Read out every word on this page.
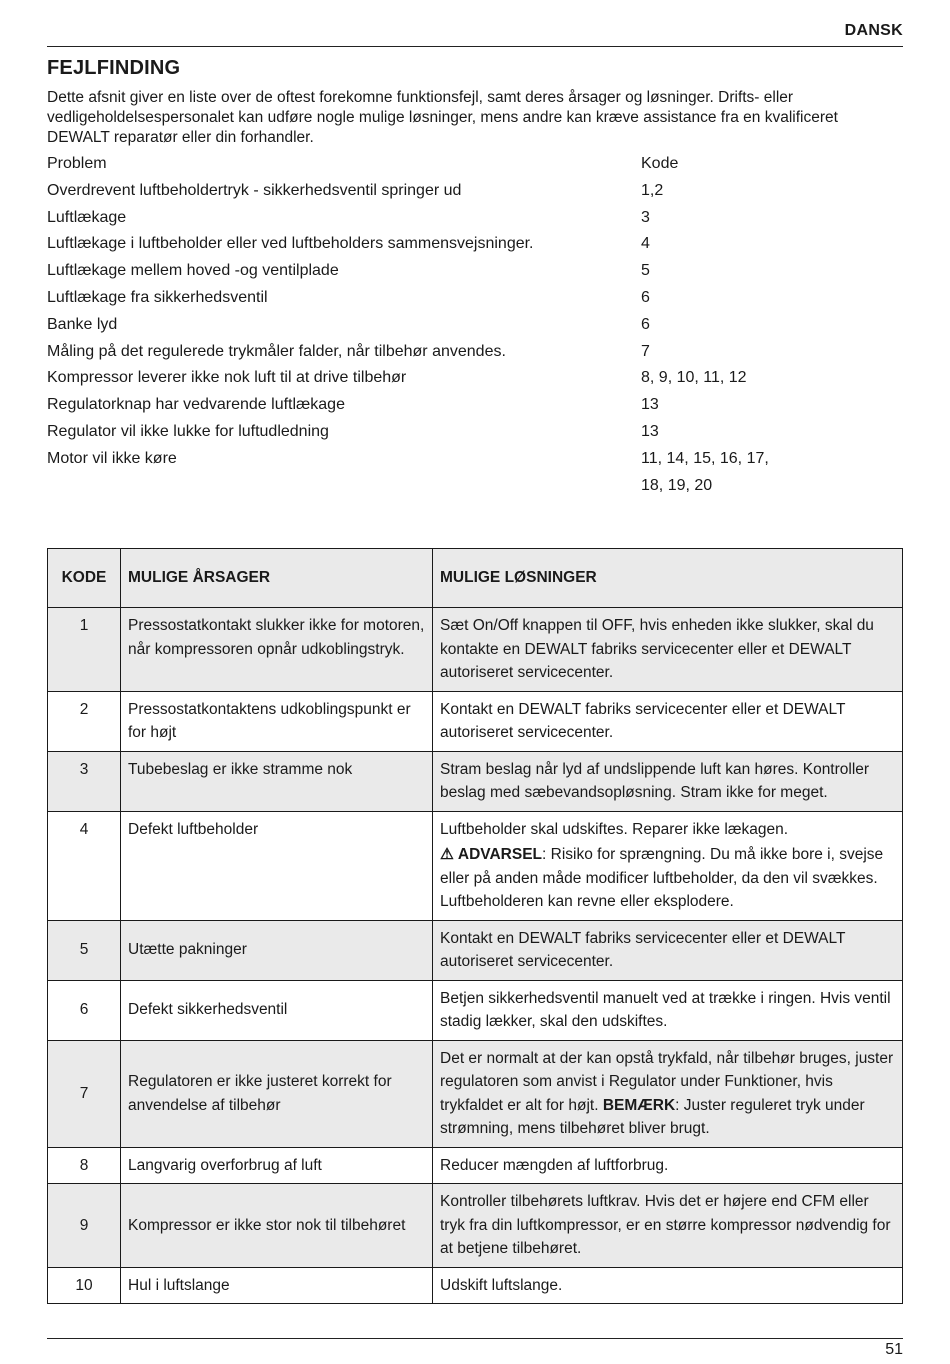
DANSK
FEJLFINDING

Dette afsnit giver en liste over de oftest forekomne funktionsfejl, samt deres årsager og løsninger. Drifts- eller vedligeholdelsespersonalet kan udføre nogle mulige løsninger, mens andre kan kræve assistance fra en kvalificeret DEWALT reparatør eller din forhandler.

Problem	Kode
Overdrevent luftbeholdertryk - sikkerhedsventil springer ud	1,2
Luftlækage	3
Luftlækage i luftbeholder eller ved luftbeholders sammensvejsninger.	4
Luftlækage mellem hoved -og ventilplade	5
Luftlækage fra sikkerhedsventil	6
Banke lyd	6
Måling på det regulerede trykmåler falder, når tilbehør anvendes.	7
Kompressor leverer ikke nok luft til at drive tilbehør	8, 9, 10, 11, 12
Regulatorknap har vedvarende luftlækage	13
Regulator vil ikke lukke for luftudledning	13
Motor vil ikke køre	11, 14, 15, 16, 17,
18, 19, 20
KODE	MULIGE ÅRSAGER	MULIGE LØSNINGER
1	Pressostatkontakt slukker ikke for motoren, når kompressoren opnår udkoblingstryk.	Sæt On/Off knappen til OFF, hvis enheden ikke slukker, skal du kontakte en DEWALT fabriks servicecenter eller et DEWALT autoriseret servicecenter.

2	Pressostatkontaktens udkoblingspunkt er for højt	Kontakt en DEWALT fabriks servicecenter eller et DEWALT autoriseret servicecenter.

3	Tubebeslag er ikke stramme nok	Stram beslag når lyd af undslippende luft kan høres. Kontroller beslag med sæbevandsopløsning. Stram ikke for meget.

4	Defekt luftbeholder	Luftbeholder skal udskiftes. Reparer ikke lækagen.
⚠ ADVARSEL: Risiko for sprængning. Du må ikke bore i, svejse eller på anden måde modificer luftbeholder, da den vil svækkes. Luftbeholderen kan revne eller eksplodere.

5	Utætte pakninger	Kontakt en DEWALT fabriks servicecenter eller et DEWALT autoriseret servicecenter.

6	Defekt sikkerhedsventil	Betjen sikkerhedsventil manuelt ved at trække i ringen. Hvis ventil stadig lækker, skal den udskiftes.

7	Regulatoren er ikke justeret korrekt for anvendelse af tilbehør	Det er normalt at der kan opstå trykfald, når tilbehør bruges, juster regulatoren som anvist i Regulator under Funktioner, hvis trykfaldet er alt for højt. BEMÆRK: Juster reguleret tryk under strømning, mens tilbehøret bliver brugt.
8	Langvarig overforbrug af luft	Reducer mængden af luftforbrug.

9	Kompressor er ikke stor nok til tilbehøret	Kontroller tilbehørets luftkrav. Hvis det er højere end CFM eller tryk fra din luftkompressor, er en større kompressor nødvendig for at betjene tilbehøret.

10	Hul i luftslange	Udskift luftslange.
51
